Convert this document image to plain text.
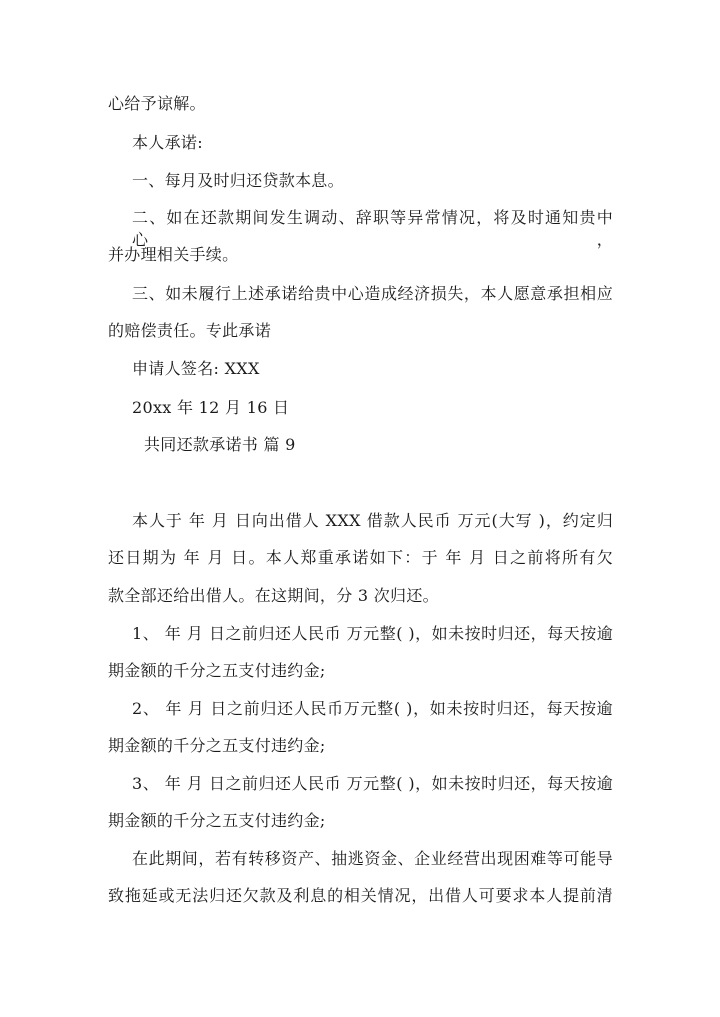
心给予谅解。
本人承诺:
一、每月及时归还贷款本息。
二、如在还款期间发生调动、辞职等异常情况，将及时通知贵中心，
并办理相关手续。
三、如未履行上述承诺给贵中心造成经济损失，本人愿意承担相应
的赔偿责任。专此承诺
申请人签名: XXX
20xx 年 12 月 16 日
共同还款承诺书 篇 9
本人于 年 月 日向出借人 XXX 借款人民币 万元(大写 )，约定归
还日期为 年 月 日。本人郑重承诺如下：于 年 月 日之前将所有欠
款全部还给出借人。在这期间，分 3 次归还。
1、 年 月 日之前归还人民币 万元整( )，如未按时归还，每天按逾
期金额的千分之五支付违约金;
2、 年 月 日之前归还人民币万元整( )，如未按时归还，每天按逾
期金额的千分之五支付违约金;
3、 年 月 日之前归还人民币 万元整( )，如未按时归还，每天按逾
期金额的千分之五支付违约金;
在此期间，若有转移资产、抽逃资金、企业经营出现困难等可能导
致拖延或无法归还欠款及利息的相关情况，出借人可要求本人提前清
